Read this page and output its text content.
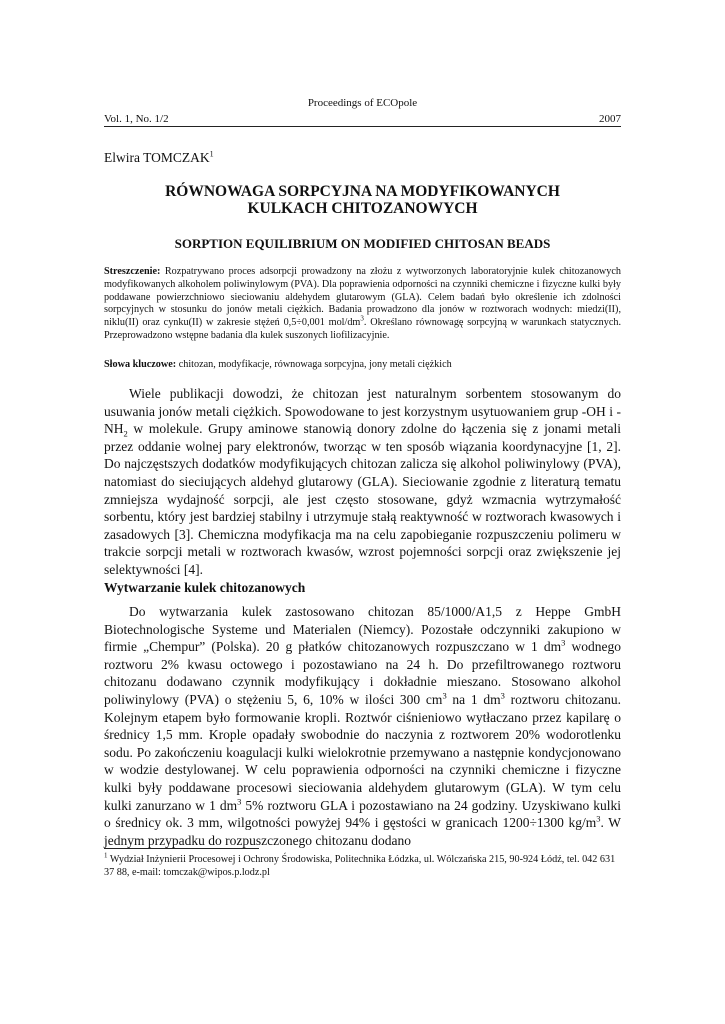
Proceedings of ECOpole
Vol. 1, No. 1/2	2007
Elwira TOMCZAK$^1$
RÓWNOWAGA SORPCYJNA NA MODYFIKOWANYCH
KULKACH CHITOZANOWYCH
SORPTION EQUILIBRIUM ON MODIFIED CHITOSAN BEADS
Streszczenie: Rozpatrywano proces adsorpcji prowadzony na złożu z wytworzonych laboratoryjnie kulek chitozanowych modyfikowanych alkoholem poliwinylowym (PVA). Dla poprawienia odporności na czynniki chemiczne i fizyczne kulki były poddawane powierzchniowo sieciowaniu aldehydem glutarowym (GLA). Celem badań było określenie ich zdolności sorpcyjnych w stosunku do jonów metali ciężkich. Badania prowadzono dla jonów w roztworach wodnych: miedzi(II), niklu(II) oraz cynku(II) w zakresie stężeń 0,5÷0,001 mol/$dm^3$. Określano równowagę sorpcyjną w warunkach statycznych. Przeprowadzono wstępne badania dla kulek suszonych liofilizacyjnie.
Słowa kluczowe: chitozan, modyfikacje, równowaga sorpcyjna, jony metali ciężkich

Wiele publikacji dowodzi, że chitozan jest naturalnym sorbentem stosowanym do usuwania jonów metali ciężkich. Spowodowane to jest korzystnym usytuowaniem grup -OH i $-NH_2$ w molekule. Grupy aminowe stanowią donory zdolne do łączenia się z jonami metali przez oddanie wolnej pary elektronów, tworząc w ten sposób wiązania koordynacyjne [1, 2]. Do najczęstszych dodatków modyfikujących chitozan zalicza się alkohol poliwinylowy (PVA), natomiast do sieciujących aldehyd glutarowy (GLA). Sieciowanie zgodnie z literaturą tematu zmniejsza wydajność sorpcji, ale jest często stosowane, gdyż wzmacnia wytrzymałość sorbentu, który jest bardziej stabilny i utrzymuje stałą reaktywność w roztworach kwasowych i zasadowych [3]. Chemiczna modyfikacja ma na celu zapobieganie rozpuszczeniu polimeru w trakcie sorpcji metali w roztworach kwasów, wzrost pojemności sorpcji oraz zwiększenie jej selektywności [4].

Wytwarzanie kulek chitozanowych

Do wytwarzania kulek zastosowano chitozan 85/1000/A1,5 z Heppe GmbH Biotechnologische Systeme und Materialen (Niemcy). Pozostałe odczynniki zakupiono w firmie „Chempur” (Polska). 20 g płatków chitozanowych rozpuszczano w 1 $dm^3$ wodnego roztworu 2% kwasu octowego i pozostawiano na 24 h. Do przefiltrowanego roztworu chitozanu dodawano czynnik modyfikujący i dokładnie mieszano. Stosowano alkohol poliwinylowy (PVA) o stężeniu 5, 6, 10% w ilości 300 $cm^3$ na 1 $dm^3$ roztworu chitozanu. Kolejnym etapem było formowanie kropli. Roztwór ciśnieniowo wytłaczano przez kapilarę o średnicy 1,5 mm. Krople opadały swobodnie do naczynia z roztworem 20% wodorotlenku sodu. Po zakończeniu koagulacji kulki wielokrotnie przemywano a następnie kondycjonowano w wodzie destylowanej. W celu poprawienia odporności na czynniki chemiczne i fizyczne kulki były poddawane procesowi sieciowania aldehydem glutarowym (GLA). W tym celu kulki zanurzano w 1 $dm^3$ 5% roztworu GLA i pozostawiano na 24 godziny. Uzyskiwano kulki o średnicy ok. 3 mm, wilgotności powyżej 94% i gęstości w granicach 1200÷1300 $kg/m^3$. W jednym przypadku do rozpuszczonego chitozanu dodano

$^1$ Wydział Inżynierii Procesowej i Ochrony Środowiska, Politechnika Łódzka, ul. Wólczańska 215, 90-924 Łódź, tel. 042 631 37 88, e-mail: tomczak@wipos.p.lodz.pl
